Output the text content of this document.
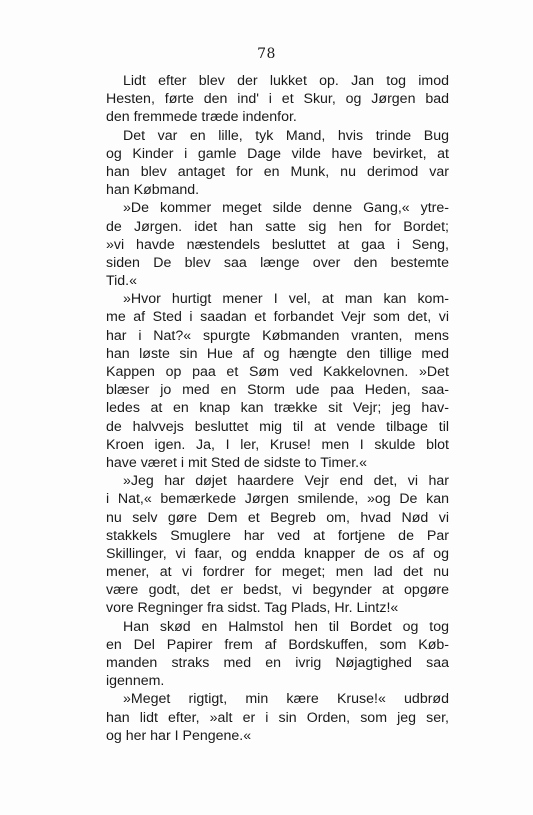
78
Lidt efter blev der lukket op. Jan tog imod
Hesten, førte den ind' i et Skur, og Jørgen bad
den fremmede træde indenfor.
Det var en lille, tyk Mand, hvis trinde Bug
og Kinder i gamle Dage vilde have bevirket, at
han blev antaget for en Munk, nu derimod var
han Købmand.
»De kommer meget silde denne Gang,« ytre-
de Jørgen. idet han satte sig hen for Bordet;
»vi havde næstendels besluttet at gaa i Seng,
siden De blev saa længe over den bestemte
Tid.«
»Hvor hurtigt mener I vel, at man kan kom-
me af Sted i saadan et forbandet Vejr som det, vi
har i Nat?« spurgte Købmanden vranten, mens
han løste sin Hue af og hængte den tillige med
Kappen op paa et Søm ved Kakkelovnen. »Det
blæser jo med en Storm ude paa Heden, saa-
ledes at en knap kan trække sit Vejr; jeg hav-
de halvvejs besluttet mig til at vende tilbage til
Kroen igen. Ja, I ler, Kruse! men I skulde blot
have været i mit Sted de sidste to Timer.«
»Jeg har døjet haardere Vejr end det, vi har
i Nat,« bemærkede Jørgen smilende, »og De kan
nu selv gøre Dem et Begreb om, hvad Nød vi
stakkels Smuglere har ved at fortjene de Par
Skillinger, vi faar, og endda knapper de os af og
mener, at vi fordrer for meget; men lad det nu
være godt, det er bedst, vi begynder at opgøre
vore Regninger fra sidst. Tag Plads, Hr. Lintz!«
Han skød en Halmstol hen til Bordet og tog
en Del Papirer frem af Bordskuffen, som Køb-
manden straks med en ivrig Nøjagtighed saa
igennem.
»Meget rigtigt, min kære Kruse!« udbrød
han lidt efter, »alt er i sin Orden, som jeg ser,
og her har I Pengene.«
